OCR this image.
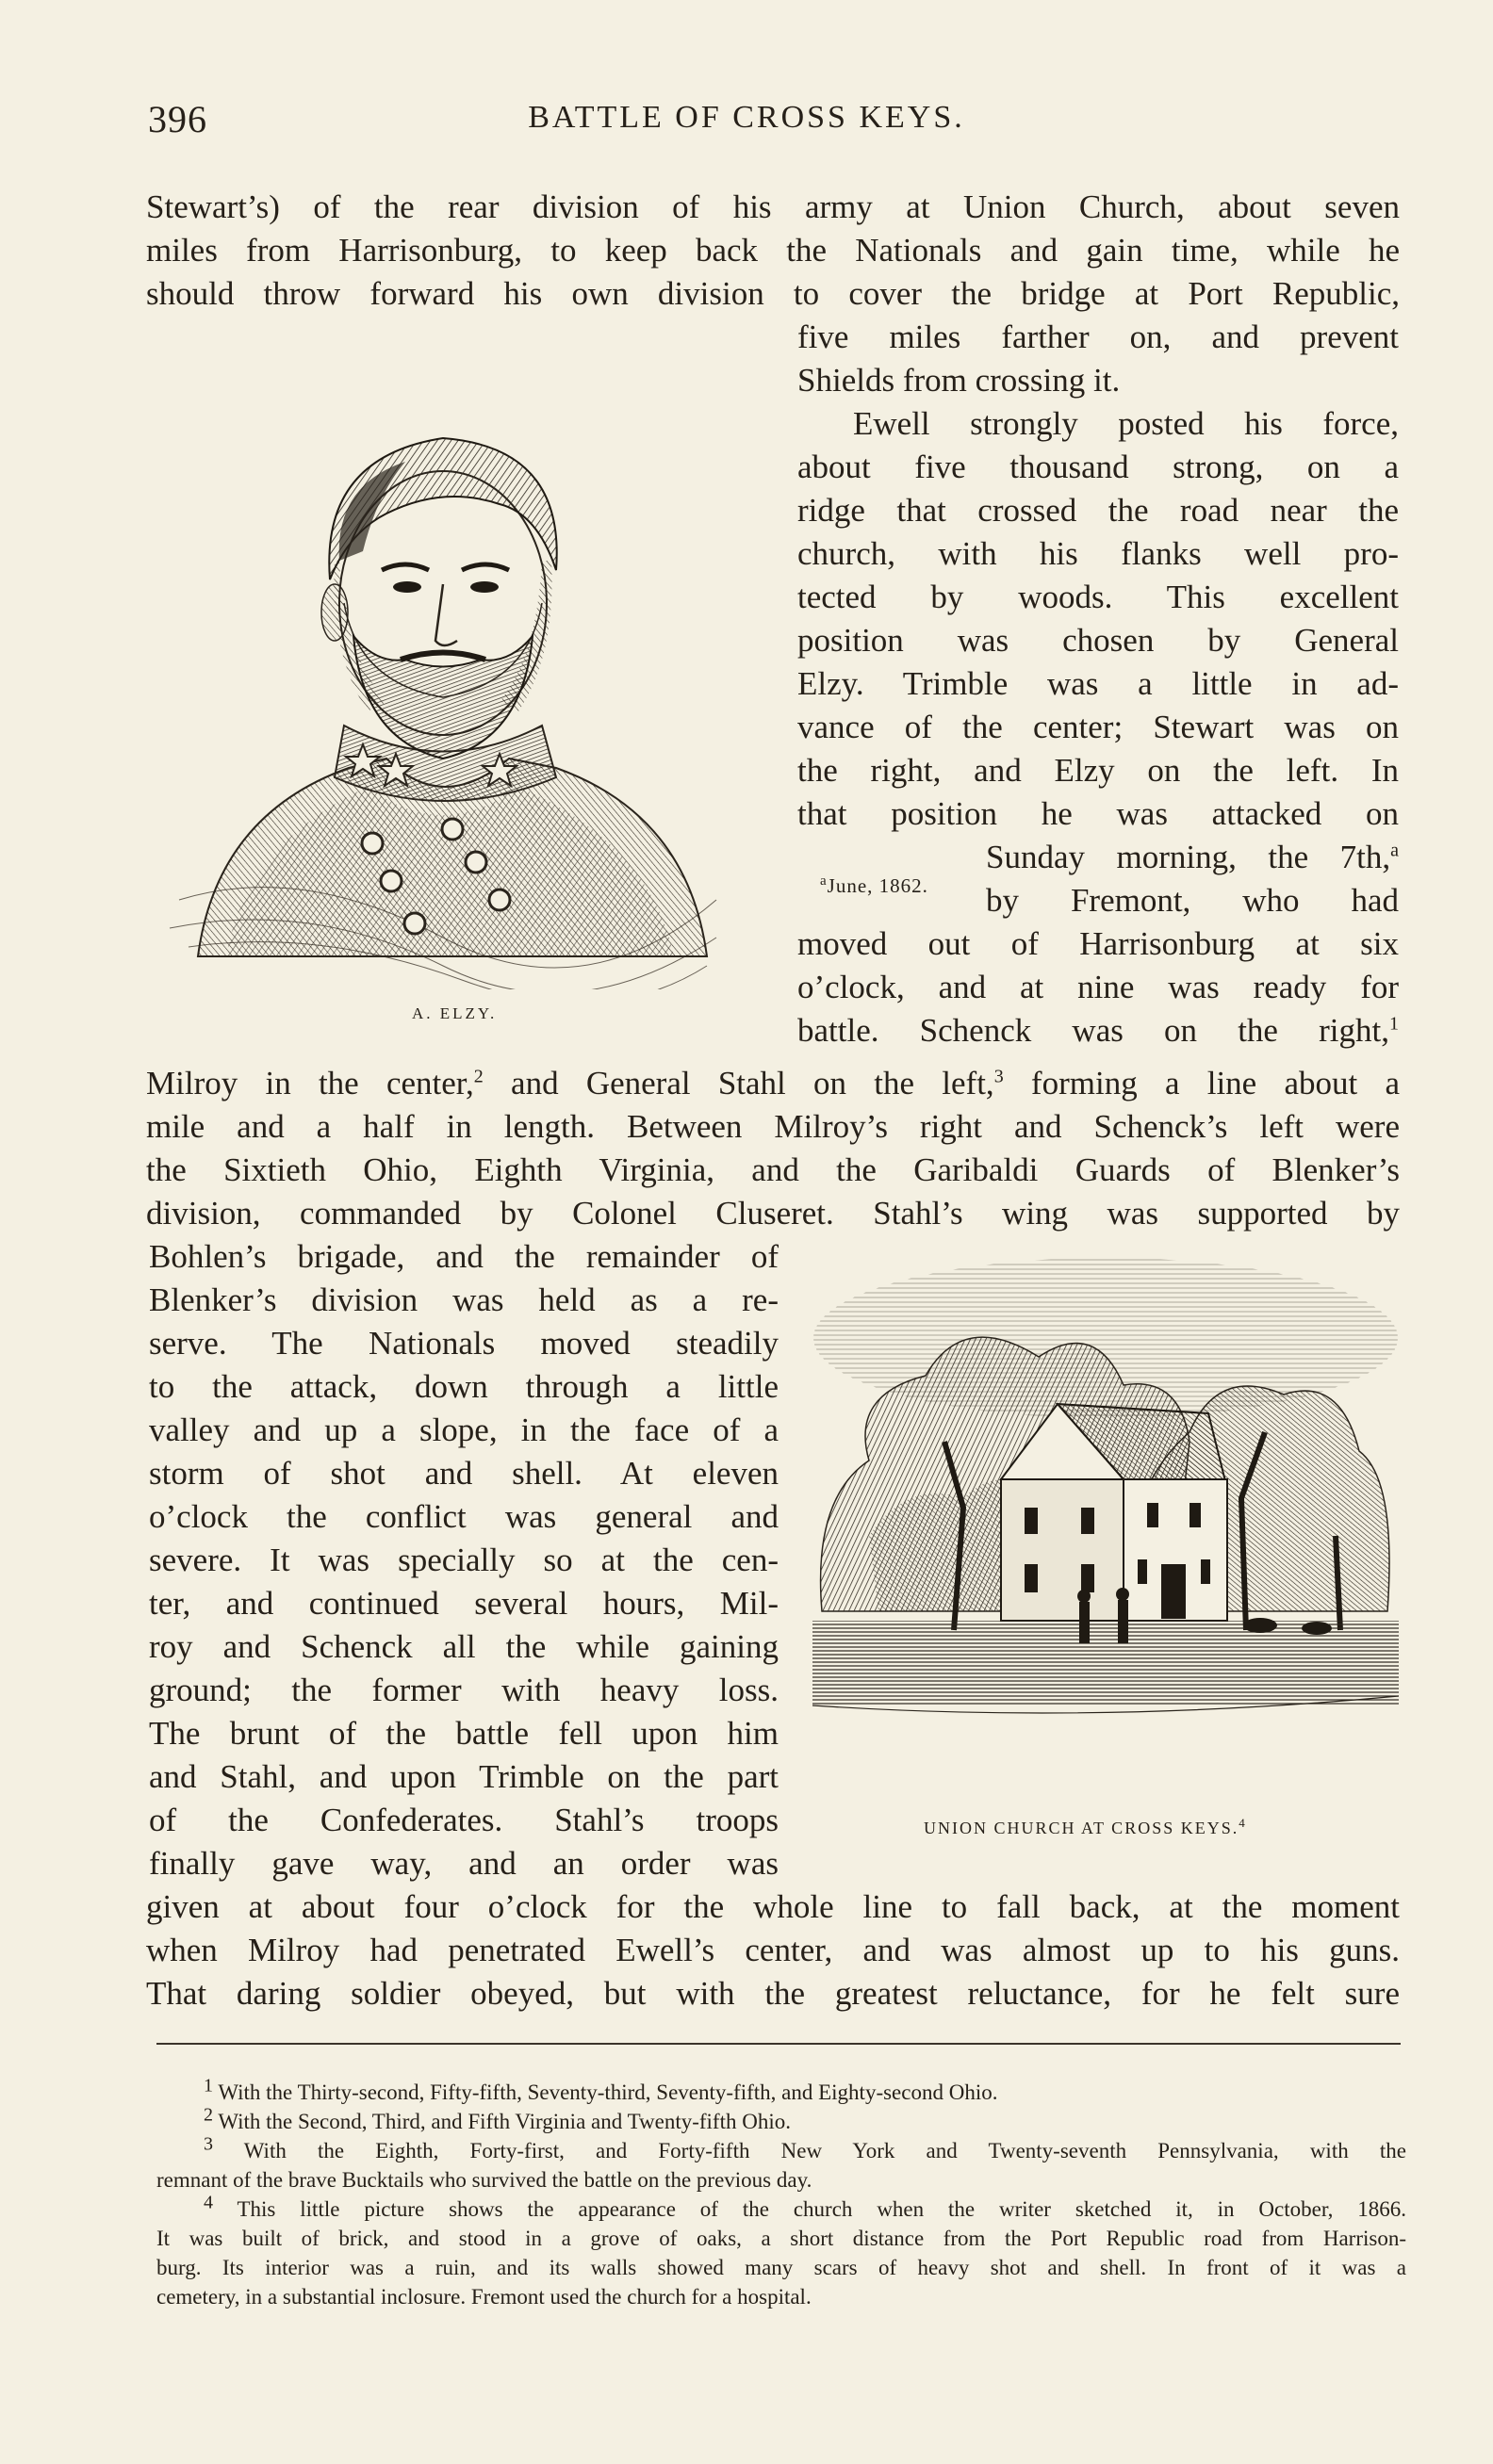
396	BATTLE OF CROSS KEYS.
Stewart’s) of the rear division of his army at Union Church, about seven
miles from Harrisonburg, to keep back the Nationals and gain time, while he
should throw forward his own division to cover the bridge at Port Republic,
five miles farther on, and prevent
Shields from crossing it.
Ewell strongly posted his force,
about five thousand strong, on a
ridge that crossed the road near the
church, with his flanks well pro-
tected by woods. This excellent
position was chosen by General
Elzy. Trimble was a little in ad-
vance of the center; Stewart was on
the right, and Elzy on the left. In
that position he was attacked on
Sunday morning, the 7th,$^a$
by Fremont, who had
moved out of Harrisonburg at six
o’clock, and at nine was ready for
battle. Schenck was on the right,$^1$
Milroy in the center,$^2$ and General Stahl on the left,$^3$ forming a line about a
mile and a half in length. Between Milroy’s right and Schenck’s left were
the Sixtieth Ohio, Eighth Virginia, and the Garibaldi Guards of Blenker’s
division, commanded by Colonel Cluseret. Stahl’s wing was supported by
Bohlen’s brigade, and the remainder of
Blenker’s division was held as a re-
serve. The Nationals moved steadily
to the attack, down through a little
valley and up a slope, in the face of a
storm of shot and shell. At eleven
o’clock the conflict was general and
severe. It was specially so at the cen-
ter, and continued several hours, Mil-
roy and Schenck all the while gaining
ground; the former with heavy loss.
The brunt of the battle fell upon him
and Stahl, and upon Trimble on the part
of the Confederates. Stahl’s troops
finally gave way, and an order was
given at about four o’clock for the whole line to fall back, at the moment
when Milroy had penetrated Ewell’s center, and was almost up to his guns.
That daring soldier obeyed, but with the greatest reluctance, for he felt sure
$^a$June, 1862.
A. ELZY.
UNION CHURCH AT CROSS KEYS.$^4$
$^1$ With the Thirty-second, Fifty-fifth, Seventy-third, Seventy-fifth, and Eighty-second Ohio.
$^2$ With the Second, Third, and Fifth Virginia and Twenty-fifth Ohio.
$^3$ With the Eighth, Forty-first, and Forty-fifth New York and Twenty-seventh Pennsylvania, with the
remnant of the brave Bucktails who survived the battle on the previous day.
$^4$ This little picture shows the appearance of the church when the writer sketched it, in October, 1866.
It was built of brick, and stood in a grove of oaks, a short distance from the Port Republic road from Harrison-
burg. Its interior was a ruin, and its walls showed many scars of heavy shot and shell. In front of it was a
cemetery, in a substantial inclosure. Fremont used the church for a hospital.
